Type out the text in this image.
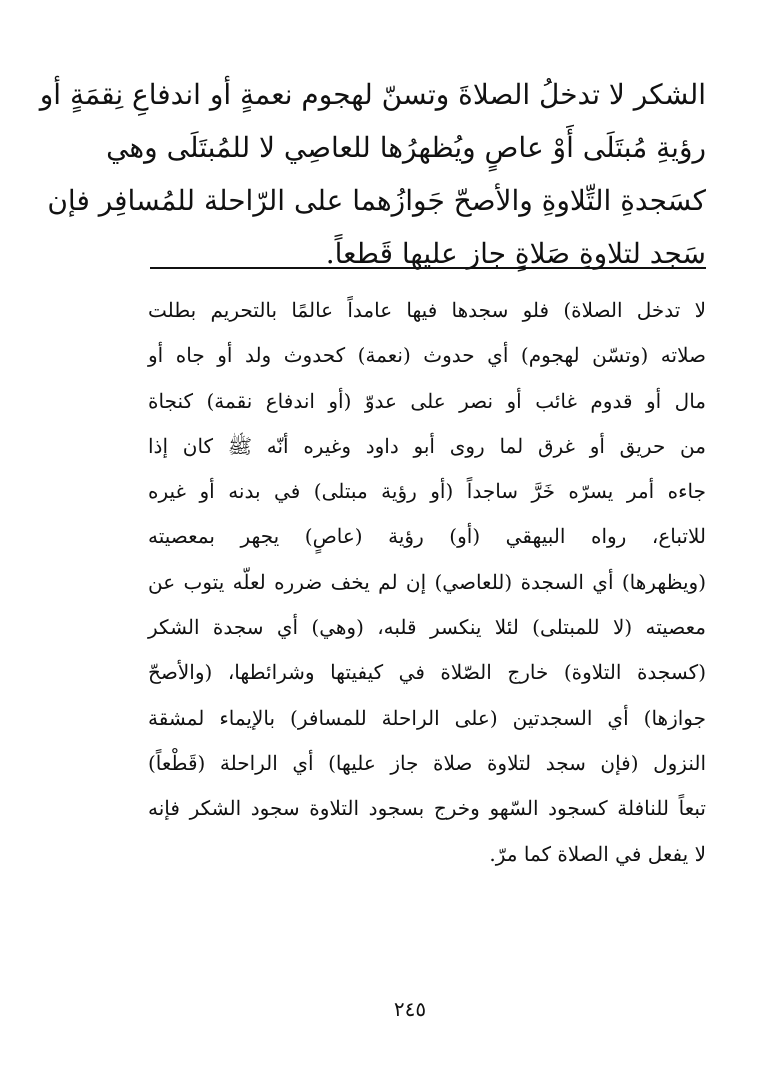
الشكر لا تدخلُ الصلاةَ وتسنّ لهجوم نعمةٍ أو اندفاعِ نِقمَةٍ أو
رؤيةِ مُبتَلَى أَوْ عاصٍ ويُظهرُها للعاصِي لا للمُبتَلَى وهي
كسَجدةِ التِّلاوةِ والأصحّ جَوازُهما على الرّاحلة للمُسافِر فإن
سَجد لتلاوةِ صَلاةٍ جاز عليها قَطعاً.
لا تدخل الصلاة) فلو سجدها فيها عامداً عالمًا بالتحريم بطلت
صلاته (وتسّن لهجوم) أي حدوث (نعمة) كحدوث ولد أو جاه أو
مال أو قدوم غائب أو نصر على عدوّ (أو اندفاع نقمة) كنجاة
من حريق أو غرق لما روى أبو داود وغيره أنّه ﷺ كان إذا
جاءه أمر يسرّه خَرَّ ساجداً (أو رؤية مبتلى) في بدنه أو غيره
للاتباع، رواه البيهقي (أو) رؤية (عاصٍ) يجهر بمعصيته
(ويظهرها) أي السجدة (للعاصي) إن لم يخف ضرره لعلّه يتوب عن
معصيته (لا للمبتلى) لئلا ينكسر قلبه، (وهي) أي سجدة الشكر
(كسجدة التلاوة) خارج الصّلاة في كيفيتها وشرائطها، (والأصحّ
جوازها) أي السجدتين (على الراحلة للمسافر) بالإيماء لمشقة
النزول (فإن سجد لتلاوة صلاة جاز عليها) أي الراحلة (قَطْعاً)
تبعاً للنافلة كسجود السّهو وخرج بسجود التلاوة سجود الشكر فإنه
لا يفعل في الصلاة كما مرّ.
٢٤٥
